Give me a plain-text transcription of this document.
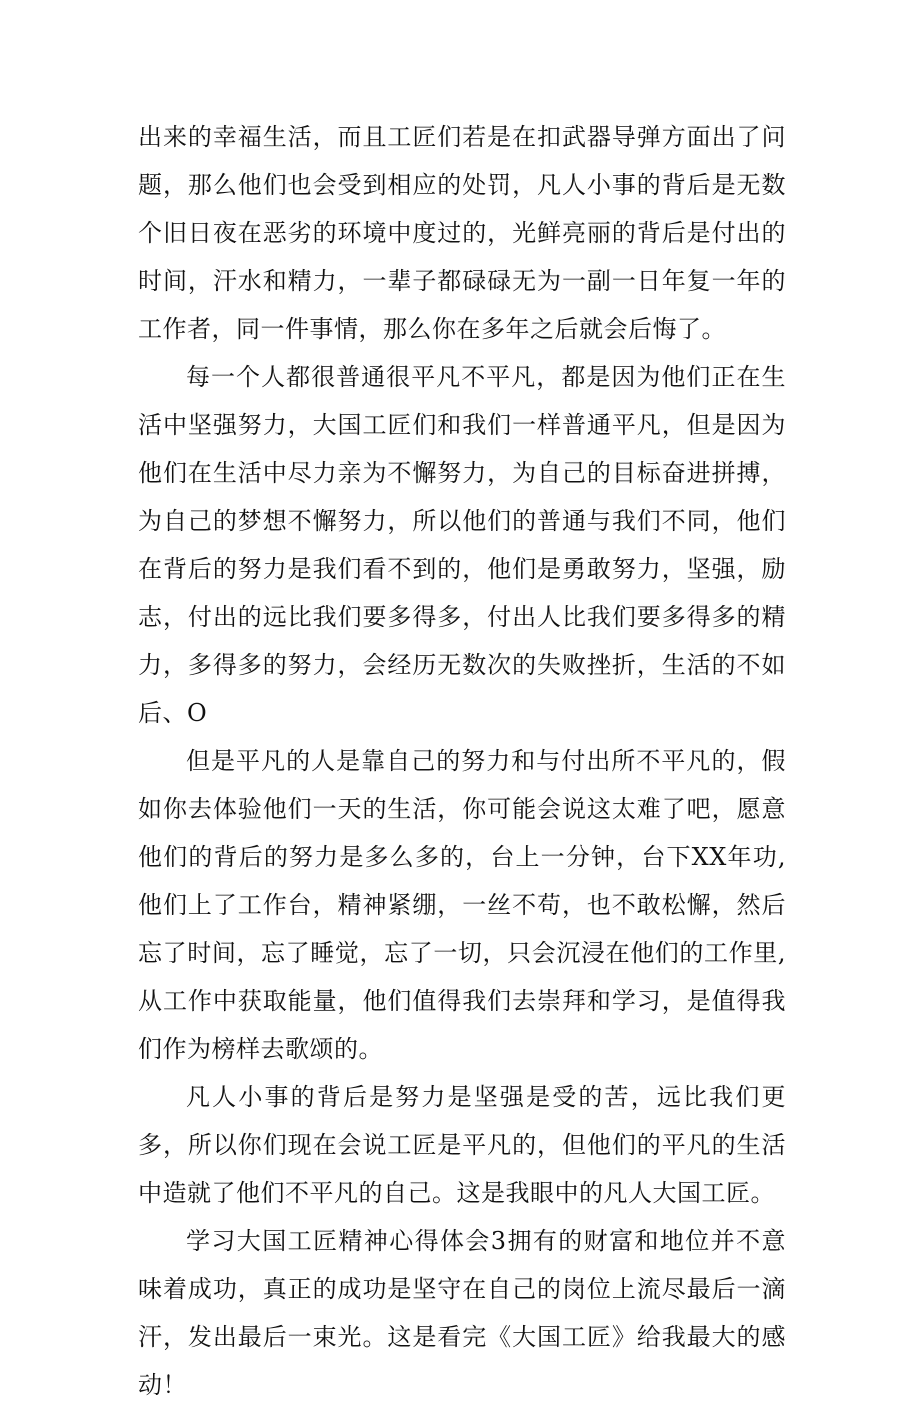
出来的幸福生活，而且工匠们若是在扣武器导弹方面出了问题，那么他们也会受到相应的处罚，凡人小事的背后是无数个旧日夜在恶劣的环境中度过的，光鲜亮丽的背后是付出的时间，汗水和精力，一辈子都碌碌无为一副一日年复一年的工作者，同一件事情，那么你在多年之后就会后悔了。

每一个人都很普通很平凡不平凡，都是因为他们正在生活中坚强努力，大国工匠们和我们一样普通平凡，但是因为他们在生活中尽力亲为不懈努力，为自己的目标奋进拼搏，为自己的梦想不懈努力，所以他们的普通与我们不同，他们在背后的努力是我们看不到的，他们是勇敢努力，坚强，励志，付出的远比我们要多得多，付出人比我们要多得多的精力，多得多的努力，会经历无数次的失败挫折，生活的不如后、O

但是平凡的人是靠自己的努力和与付出所不平凡的，假如你去体验他们一天的生活，你可能会说这太难了吧，愿意他们的背后的努力是多么多的，台上一分钟，台下XX年功,他们上了工作台，精神紧绷，一丝不苟，也不敢松懈，然后忘了时间，忘了睡觉，忘了一切，只会沉浸在他们的工作里,从工作中获取能量，他们值得我们去崇拜和学习，是值得我们作为榜样去歌颂的。

凡人小事的背后是努力是坚强是受的苦，远比我们更多，所以你们现在会说工匠是平凡的，但他们的平凡的生活中造就了他们不平凡的自己。这是我眼中的凡人大国工匠。

学习大国工匠精神心得体会3拥有的财富和地位并不意味着成功，真正的成功是坚守在自己的岗位上流尽最后一滴汗，发出最后一束光。这是看完《大国工匠》给我最大的感动！
